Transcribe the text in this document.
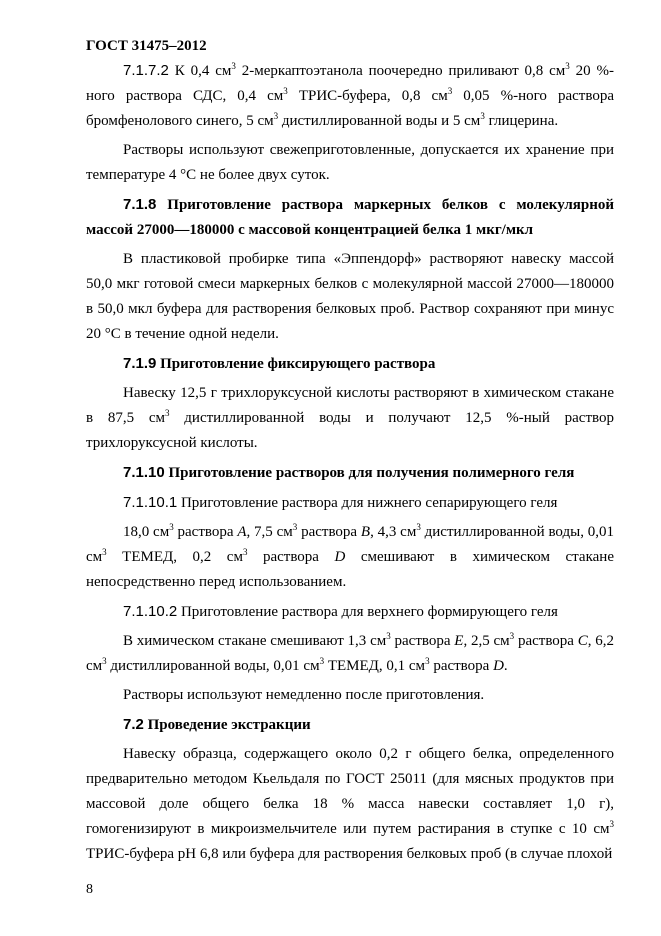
ГОСТ 31475–2012

7.1.7.2 К 0,4 $см^3$ 2-меркаптоэтанола поочередно приливают 0,8 $см^3$ 20 %-ного раствора СДС, 0,4 $см^3$ ТРИС-буфера, 0,8 $см^3$ 0,05 %-ного раствора бромфенолового синего, 5 $см^3$ дистиллированной воды и 5 $см^3$ глицерина.

Растворы используют свежеприготовленные, допускается их хранение при температуре 4 °С не более двух суток.

7.1.8 Приготовление раствора маркерных белков с молекулярной массой 27000—180000 с массовой концентрацией белка 1 мкг/мкл

В пластиковой пробирке типа «Эппендорф» растворяют навеску массой 50,0 мкг готовой смеси маркерных белков с молекулярной массой 27000—180000 в 50,0 мкл буфера для растворения белковых проб. Раствор сохраняют при минус 20 °С в течение одной недели.

7.1.9 Приготовление фиксирующего раствора

Навеску 12,5 г трихлоруксусной кислоты растворяют в химическом стакане в 87,5 $см^3$ дистиллированной воды и получают 12,5 %-ный раствор трихлоруксусной кислоты.

7.1.10 Приготовление растворов для получения полимерного геля

7.1.10.1 Приготовление раствора для нижнего сепарирующего геля

18,0 $см^3$ раствора А, 7,5 $см^3$ раствора В, 4,3 $см^3$ дистиллированной воды, 0,01 $см^3$ ТЕМЕД, 0,2 $см^3$ раствора D смешивают в химическом стакане непосредственно перед использованием.

7.1.10.2 Приготовление раствора для верхнего формирующего геля

В химическом стакане смешивают 1,3 $см^3$ раствора Е, 2,5 $см^3$ раствора С, 6,2 $см^3$ дистиллированной воды, 0,01 $см^3$ ТЕМЕД, 0,1 $см^3$ раствора D.

Растворы используют немедленно после приготовления.

7.2 Проведение экстракции

Навеску образца, содержащего около 0,2 г общего белка, определенного предварительно методом Кьельдаля по ГОСТ 25011 (для мясных продуктов при массовой доле общего белка 18 % масса навески составляет 1,0 г), гомогенизируют в микроизмельчителе или путем растирания в ступке с 10 $см^3$ ТРИС-буфера рН 6,8 или буфера для растворения белковых проб (в случае плохой

8
